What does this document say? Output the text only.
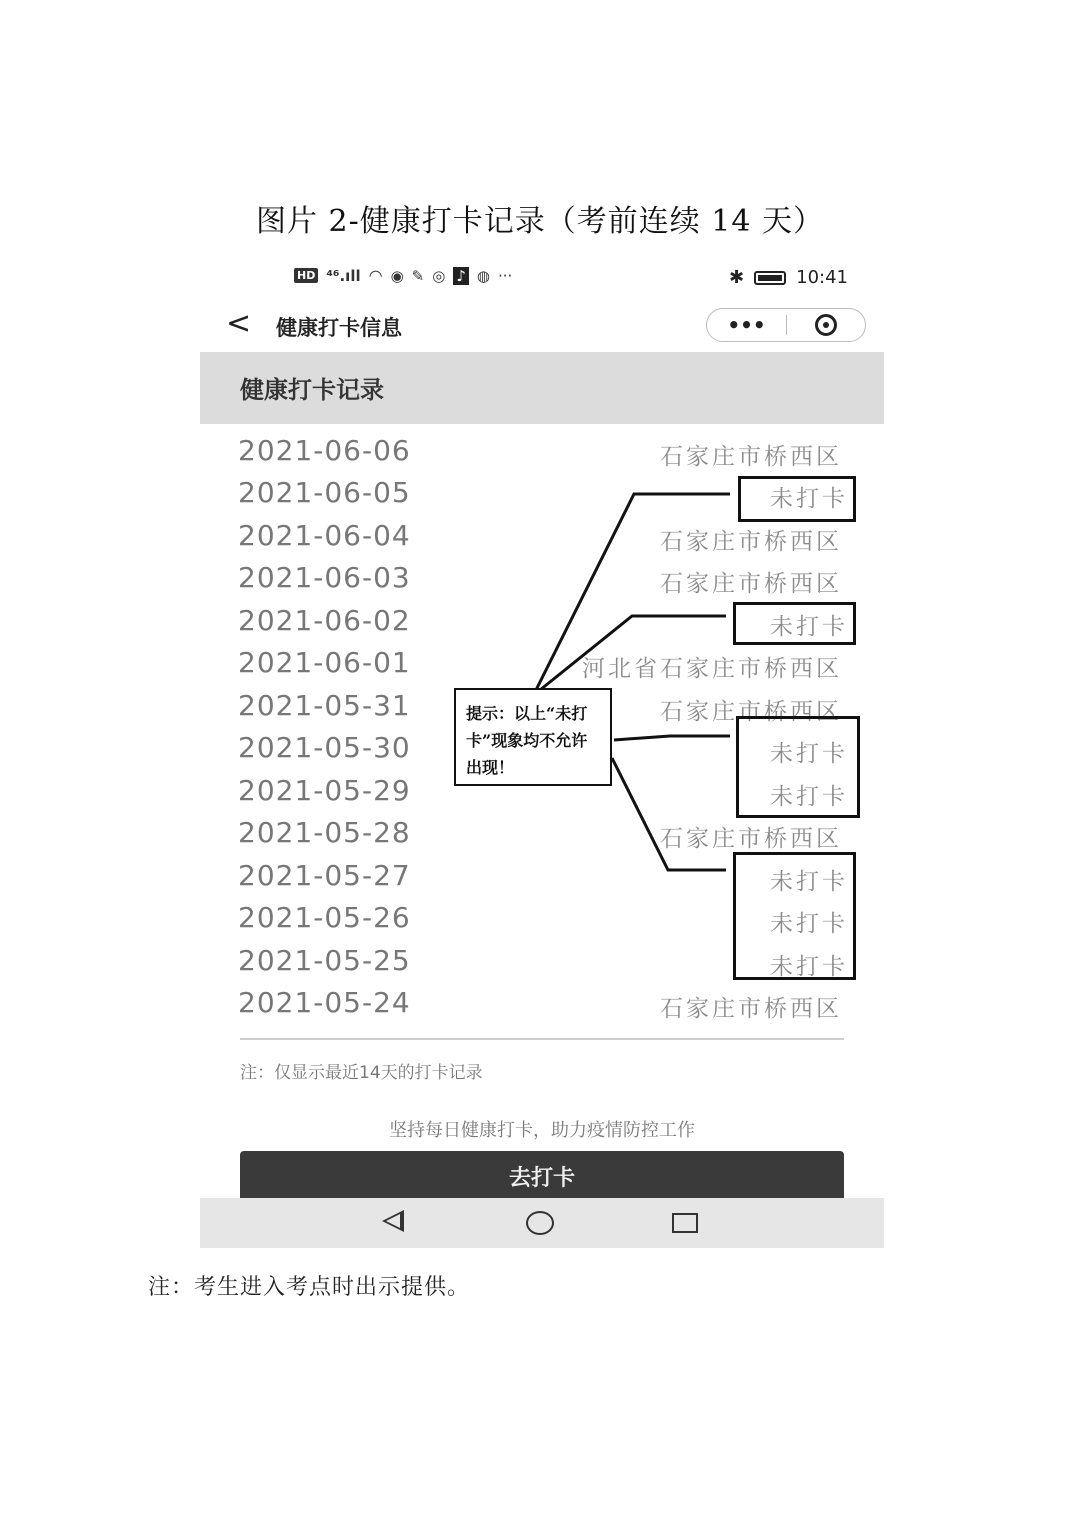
图片 2-健康打卡记录（考前连续 14 天）
HD ⁴⁶.ıll ◠ ◉ ✎ ◎ ♪ ◍ ···	✱	10:41
< 健康打卡信息	•••
健康打卡记录
2021-06-06	石家庄市桥西区
2021-06-05	未打卡
2021-06-04	石家庄市桥西区
2021-06-03	石家庄市桥西区
2021-06-02	未打卡
2021-06-01	河北省石家庄市桥西区
2021-05-31	石家庄市桥西区
2021-05-30	未打卡
2021-05-29	未打卡
2021-05-28	石家庄市桥西区
2021-05-27	未打卡
2021-05-26	未打卡
2021-05-25	未打卡
2021-05-24	石家庄市桥西区
提示：以上“未打卡”现象均不允许出现！
注：仅显示最近14天的打卡记录
坚持每日健康打卡，助力疫情防控工作
去打卡
注：考生进入考点时出示提供。
